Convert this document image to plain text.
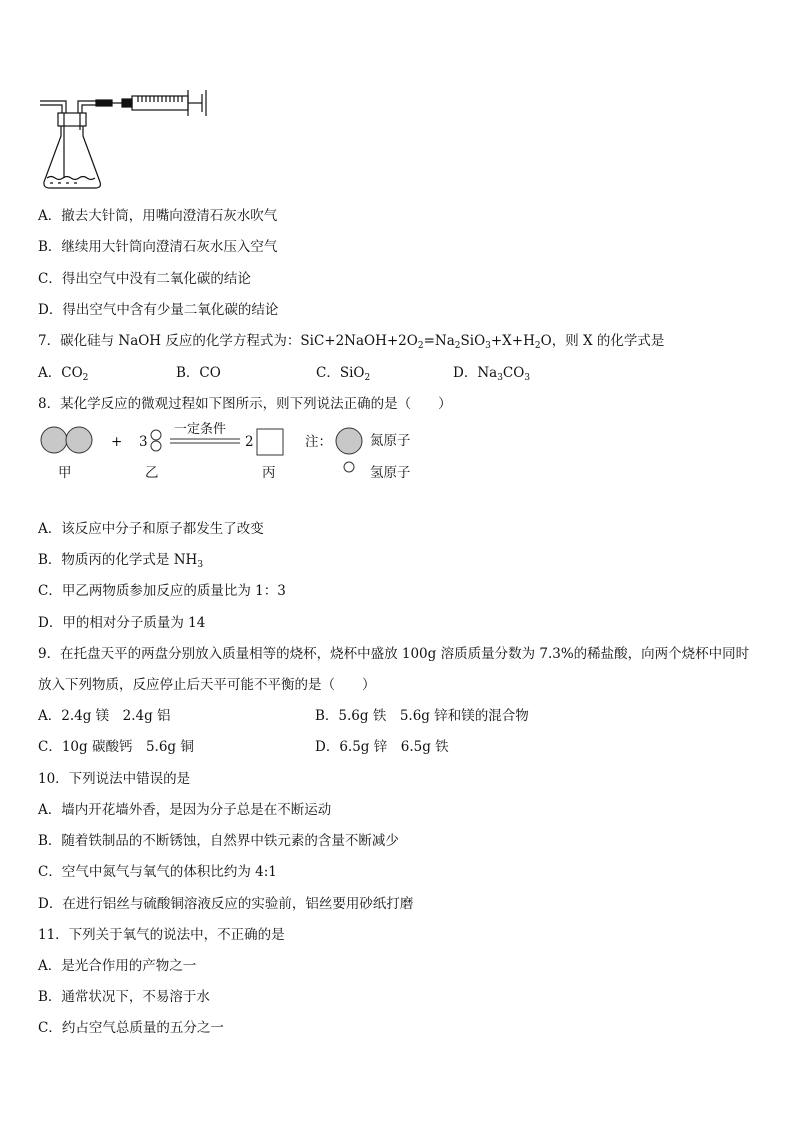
A．撤去大针筒，用嘴向澄清石灰水吹气
B．继续用大针筒向澄清石灰水压入空气
C．得出空气中没有二氧化碳的结论
D．得出空气中含有少量二氧化碳的结论
7．碳化硅与 NaOH 反应的化学方程式为：$SiC+2NaOH+2O_2=Na_2SiO_3+X+H_2O$，则 X 的化学式是
A．$CO_2$	B．CO	C．SiO$_2$	D．$Na_3CO_3$
8．某化学反应的微观过程如下图所示，则下列说法正确的是（　　）
+ 3
一定条件
2	注：	氮原子
氢原子
甲	乙	丙
A．该反应中分子和原子都发生了改变
B．物质丙的化学式是 $NH_3$
C．甲乙两物质参加反应的质量比为 1：3
D．甲的相对分子质量为 14
9．在托盘天平的两盘分别放入质量相等的烧杯，烧杯中盛放 100g 溶质质量分数为 7.3%的稀盐酸，向两个烧杯中同时
放入下列物质，反应停止后天平可能不平衡的是（　　）
A．2.4g 镁　2.4g 铝	B．5.6g 铁　5.6g 锌和镁的混合物
C．10g 碳酸钙　5.6g 铜	D．6.5g 锌　6.5g 铁
10．下列说法中错误的是
A．墙内开花墙外香，是因为分子总是在不断运动
B．随着铁制品的不断锈蚀，自然界中铁元素的含量不断减少
C．空气中氮气与氧气的体积比约为 4:1
D．在进行铝丝与硫酸铜溶液反应的实验前，铝丝要用砂纸打磨
11．下列关于氧气的说法中，不正确的是
A．是光合作用的产物之一
B．通常状况下，不易溶于水
C．约占空气总质量的五分之一
